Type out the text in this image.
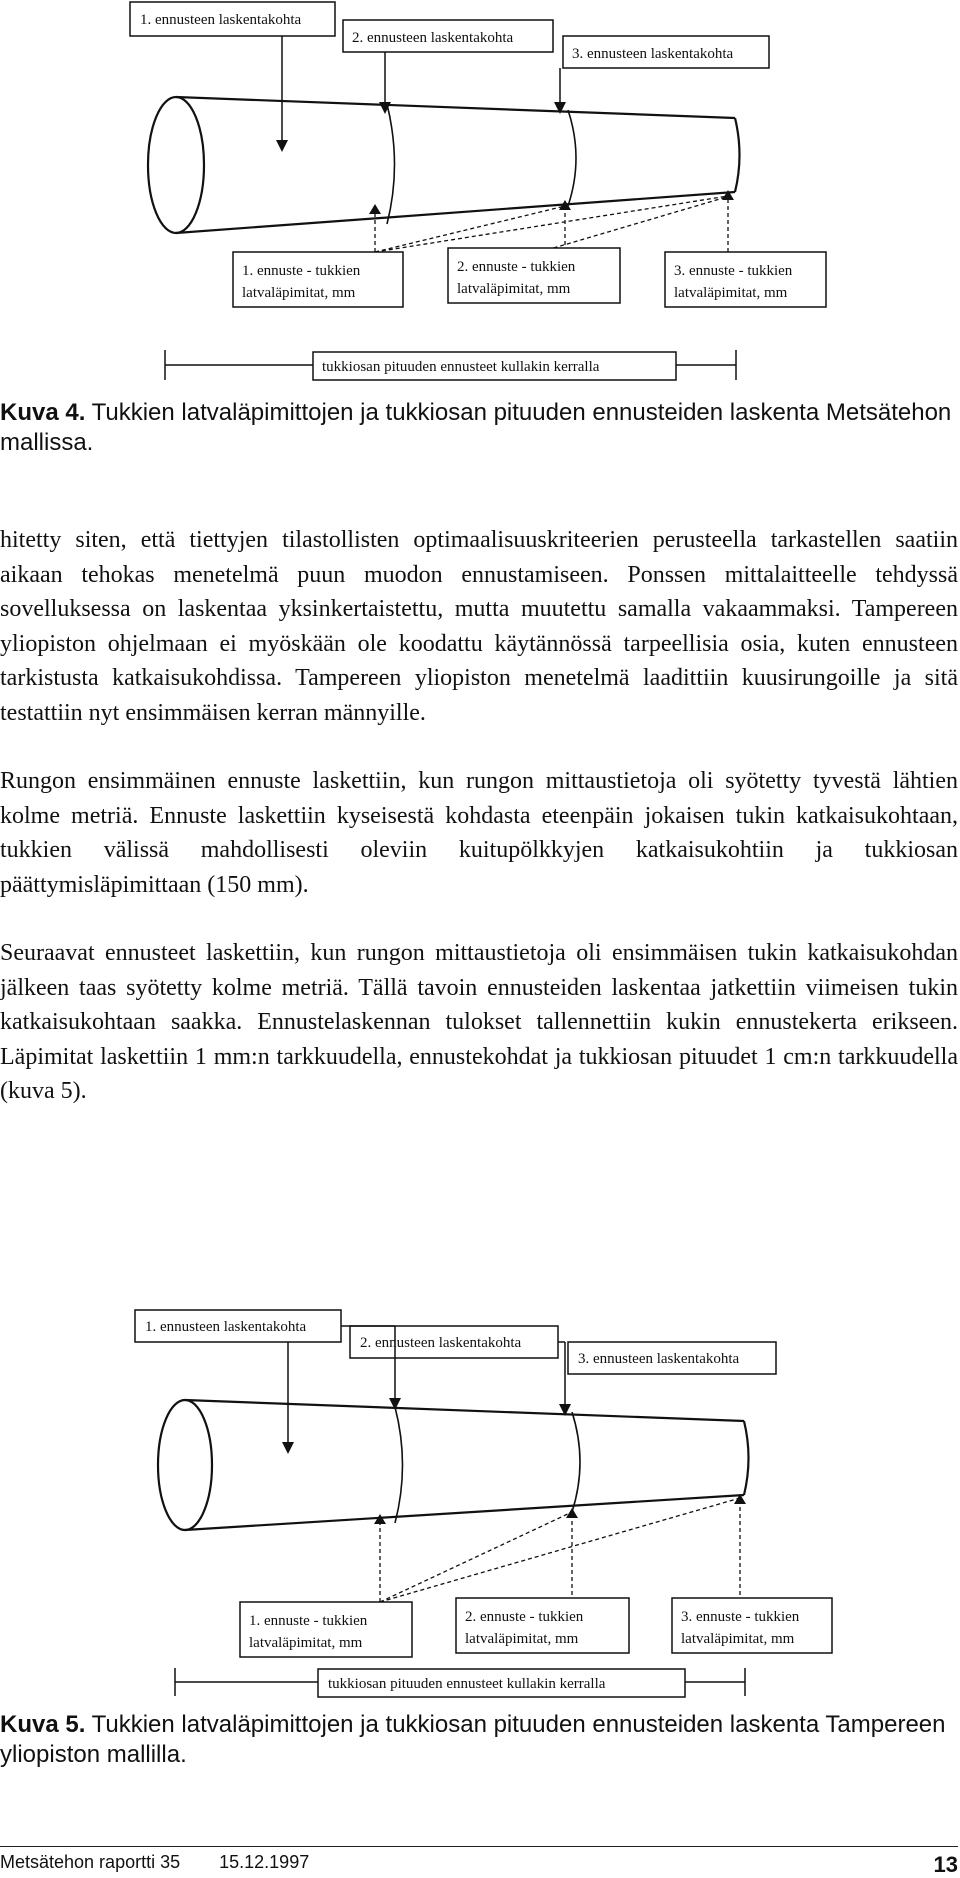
1. ennusteen laskentakohta
2. ennusteen laskentakohta
3. ennusteen laskentakohta
1. ennuste - tukkien
latvaläpimitat, mm
2. ennuste - tukkien
latvaläpimitat, mm
3. ennuste - tukkien
latvaläpimitat, mm
tukkiosan pituuden ennusteet kullakin kerralla
Kuva 4. Tukkien latvaläpimittojen ja tukkiosan pituuden ennusteiden laskenta Metsätehon mallissa.

hitetty siten, että tiettyjen tilastollisten optimaalisuuskriteerien perusteella tarkastellen saatiin aikaan tehokas menetelmä puun muodon ennustamiseen. Ponssen mittalaitteelle tehdyssä sovelluksessa on laskentaa yksinkertaistettu, mutta muutettu samalla vakaammaksi. Tampereen yliopiston ohjelmaan ei myöskään ole koodattu käytännössä tarpeellisia osia, kuten ennusteen tarkistusta katkaisukohdissa. Tampereen yliopiston menetelmä laadittiin kuusirungoille ja sitä testattiin nyt ensimmäisen kerran männyille.

Rungon ensimmäinen ennuste laskettiin, kun rungon mittaustietoja oli syötetty tyvestä lähtien kolme metriä. Ennuste laskettiin kyseisestä kohdasta eteenpäin jokaisen tukin katkaisukohtaan, tukkien välissä mahdollisesti oleviin kuitupölkkyjen katkaisukohtiin ja tukkiosan päättymisläpimittaan (150 mm).

Seuraavat ennusteet laskettiin, kun rungon mittaustietoja oli ensimmäisen tukin katkaisukohdan jälkeen taas syötetty kolme metriä. Tällä tavoin ennusteiden laskentaa jatkettiin viimeisen tukin katkaisukohtaan saakka. Ennustelaskennan tulokset tallennettiin kukin ennustekerta erikseen. Läpimitat laskettiin 1 mm:n tarkkuudella, ennustekohdat ja tukkiosan pituudet 1 cm:n tarkkuudella (kuva 5).

1. ennusteen laskentakohta
2. ennusteen laskentakohta
3. ennusteen laskentakohta
1. ennuste - tukkien
latvaläpimitat, mm
2. ennuste - tukkien
latvaläpimitat, mm
3. ennuste - tukkien
latvaläpimitat, mm
tukkiosan pituuden ennusteet kullakin kerralla
Kuva 5. Tukkien latvaläpimittojen ja tukkiosan pituuden ennusteiden laskenta Tampereen yliopiston mallilla.
Metsätehon raportti 35 15.12.1997	13
